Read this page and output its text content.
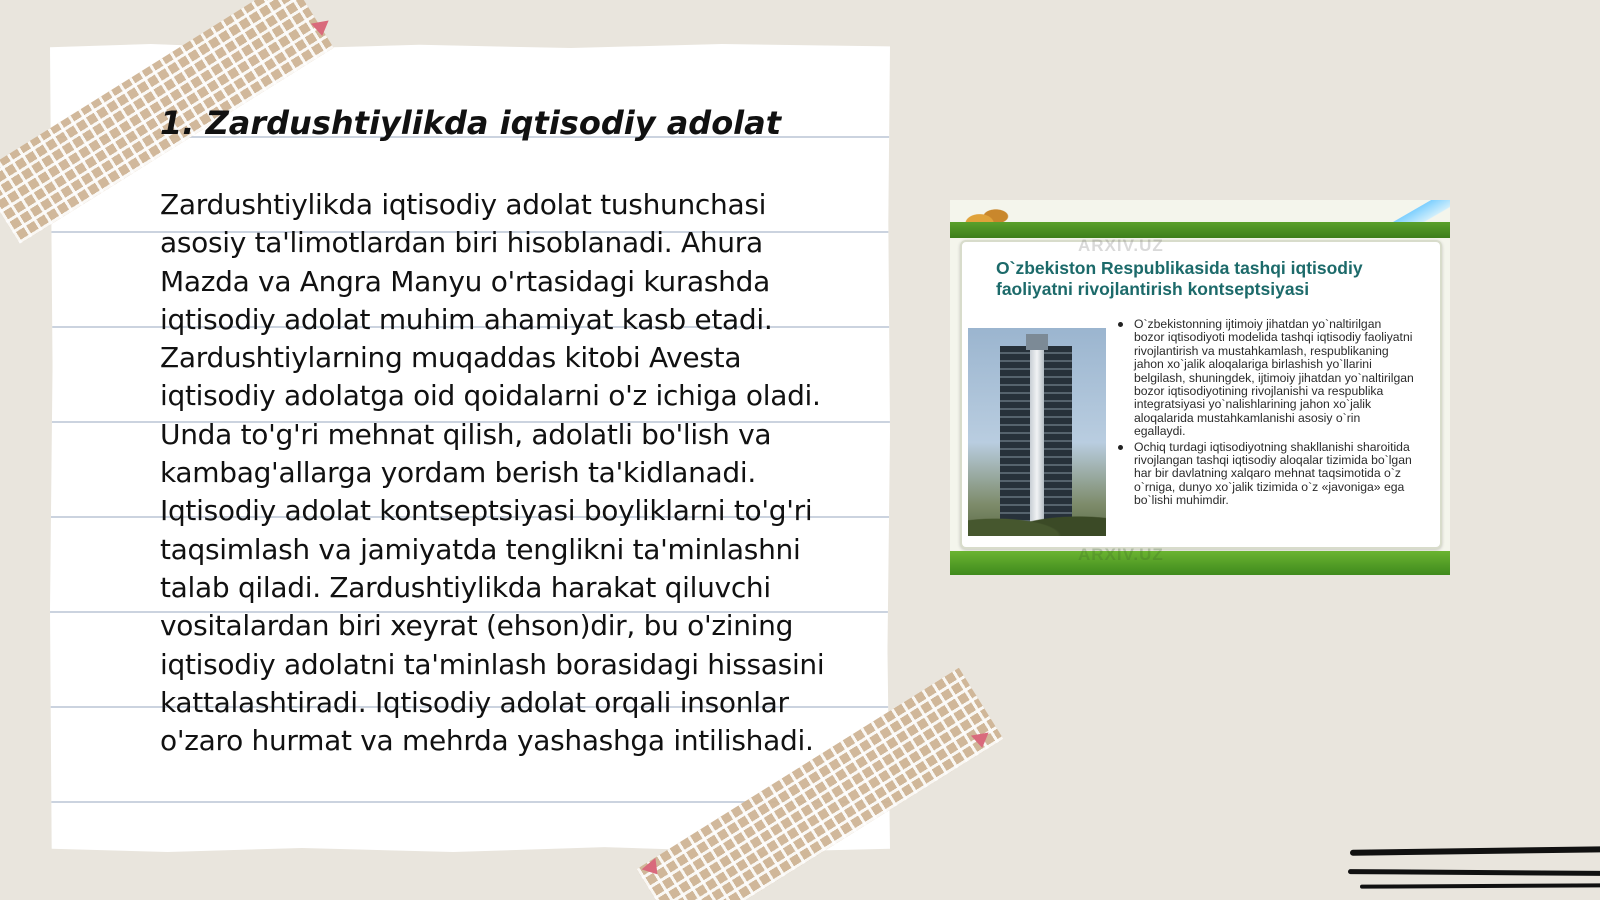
1. Zardushtiylikda iqtisodiy adolat

Zardushtiylikda iqtisodiy adolat tushunchasi asosiy ta'limotlardan biri hisoblanadi. Ahura Mazda va Angra Manyu o'rtasidagi kurashda iqtisodiy adolat muhim ahamiyat kasb etadi. Zardushtiylarning muqaddas kitobi Avesta iqtisodiy adolatga oid qoidalarni o'z ichiga oladi. Unda to'g'ri mehnat qilish, adolatli bo'lish va kambag'allarga yordam berish ta'kidlanadi. Iqtisodiy adolat kontseptsiyasi boyliklarni to'g'ri taqsimlash va jamiyatda tenglikni ta'minlashni talab qiladi. Zardushtiylikda harakat qiluvchi vositalardan biri xeyrat (ehson)dir, bu o'zining iqtisodiy adolatni ta'minlash borasidagi hissasini kattalashtiradi. Iqtisodiy adolat orqali insonlar o'zaro hurmat va mehrda yashashga intilishadi.

ARXIV.UZ
O`zbekiston Respublikasida tashqi iqtisodiy faoliyatni rivojlantirish kontseptsiyasi
O`zbekistonning ijtimoiy jihatdan yo`naltirilgan bozor iqtisodiyoti modelida tashqi iqtisodiy faoliyatni rivojlantirish va mustahkamlash, respublikaning jahon xo`jalik aloqalariga birlashish yo`llarini belgilash, shuningdek, ijtimoiy jihatdan yo`naltirilgan bozor iqtisodiyotining rivojlanishi va respublika integratsiyasi yo`nalishlarining jahon xo`jalik aloqalarida mustahkamlanishi asosiy o`rin egallaydi.
Ochiq turdagi iqtisodiyotning shakllanishi sharoitida rivojlangan tashqi iqtisodiy aloqalar tizimida bo`lgan har bir davlatning xalqaro mehnat taqsimotida o`z o`rniga, dunyo xo`jalik tizimida o`z «javoniga» ega bo`lishi muhimdir.
ARXIV.UZ
